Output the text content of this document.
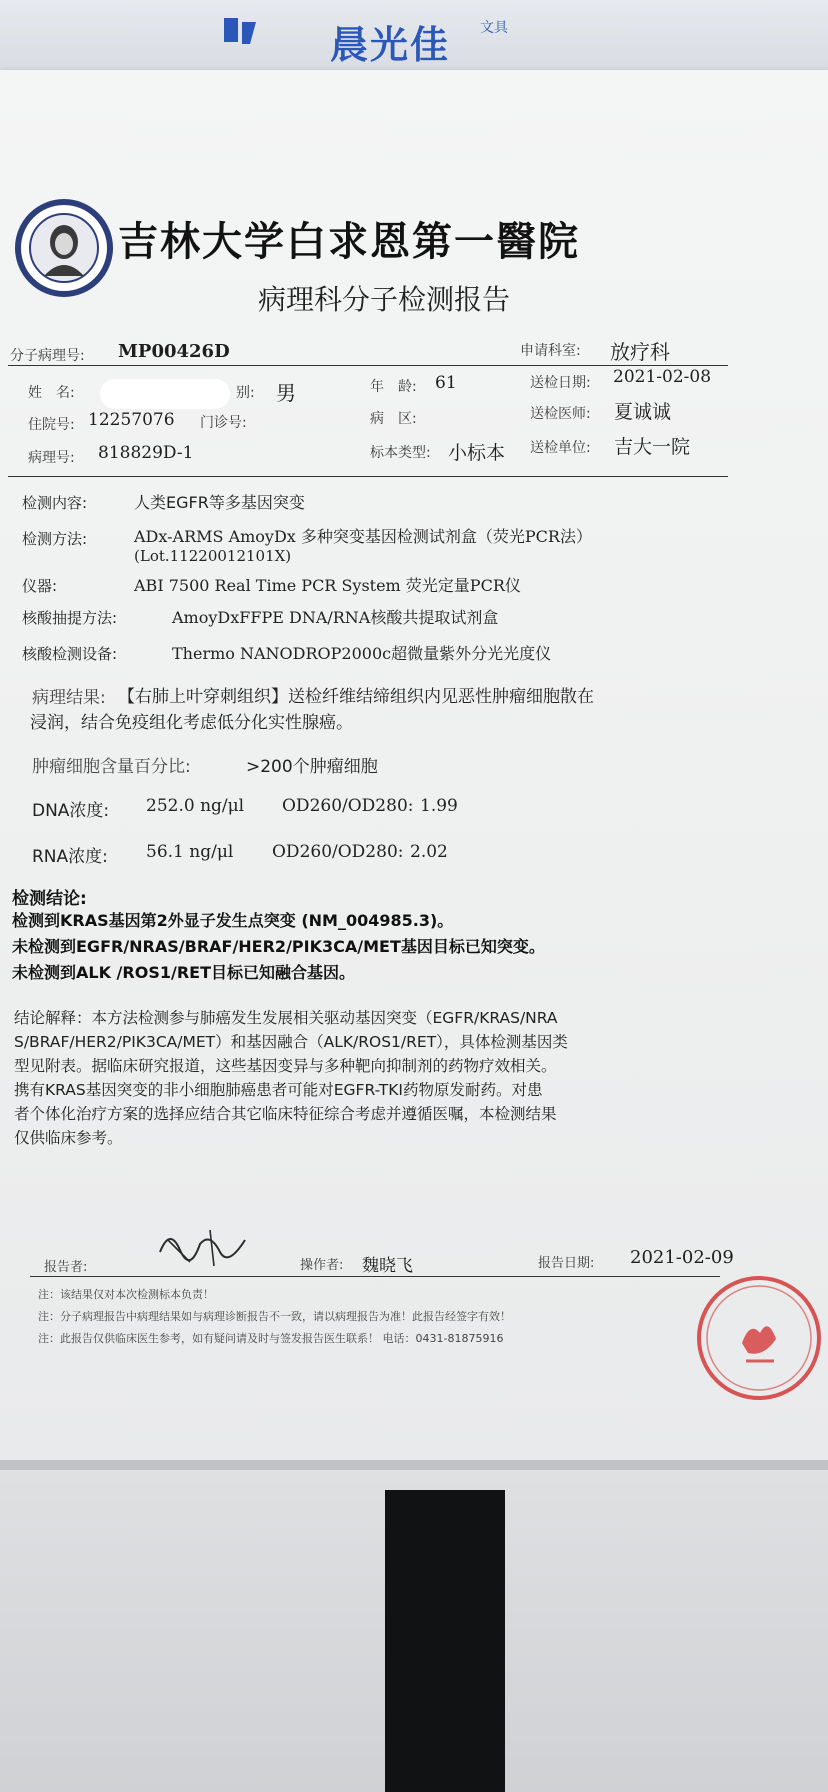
晨光佳 文具
吉林大学白求恩第一醫院
病理科分子检测报告
分子病理号: MP00426D	申请科室: 放疗科
姓　名:	别: 男	年　龄: 61	送检日期: 2021-02-08
住院号: 12257076 门诊号:	病　区:	送检医师: 夏诚诚
病理号: 818829D-1	标本类型: 小标本 送检单位: 吉大一院
检测内容:	人类EGFR等多基因突变
检测方法:	ADx-ARMS AmoyDx 多种突变基因检测试剂盒（荧光PCR法）
(Lot.11220012101X)
仪器:	ABI 7500 Real Time PCR System 荧光定量PCR仪
核酸抽提方法:	AmoyDxFFPE DNA/RNA核酸共提取试剂盒
核酸检测设备:	Thermo NANODROP2000c超微量紫外分光光度仪
病理结果: 【右肺上叶穿刺组织】送检纤维结缔组织内见恶性肿瘤细胞散在
浸润，结合免疫组化考虑低分化实性腺癌。
肿瘤细胞含量百分比:	>200个肿瘤细胞
DNA浓度: 252.0 ng/μl OD260/OD280: 1.99
RNA浓度: 56.1 ng/μl OD260/OD280: 2.02
检测结论:
检测到KRAS基因第2外显子发生点突变 (NM_004985.3)。
未检测到EGFR/NRAS/BRAF/HER2/PIK3CA/MET基因目标已知突变。
未检测到ALK /ROS1/RET目标已知融合基因。
结论解释：本方法检测参与肺癌发生发展相关驱动基因突变（EGFR/KRAS/NRA
S/BRAF/HER2/PIK3CA/MET）和基因融合（ALK/ROS1/RET），具体检测基因类
型见附表。据临床研究报道，这些基因变异与多种靶向抑制剂的药物疗效相关。
携有KRAS基因突变的非小细胞肺癌患者可能对EGFR-TKI药物原发耐药。对患
者个体化治疗方案的选择应结合其它临床特征综合考虑并遵循医嘱，本检测结果
仅供临床参考。
报告者:	操作者: 魏晓飞	报告日期: 2021-02-09
注：该结果仅对本次检测标本负责！
注：分子病理报告中病理结果如与病理诊断报告不一致，请以病理报告为准！此报告经签字有效！
注：此报告仅供临床医生参考，如有疑问请及时与签发报告医生联系！ 电话：0431-81875916
